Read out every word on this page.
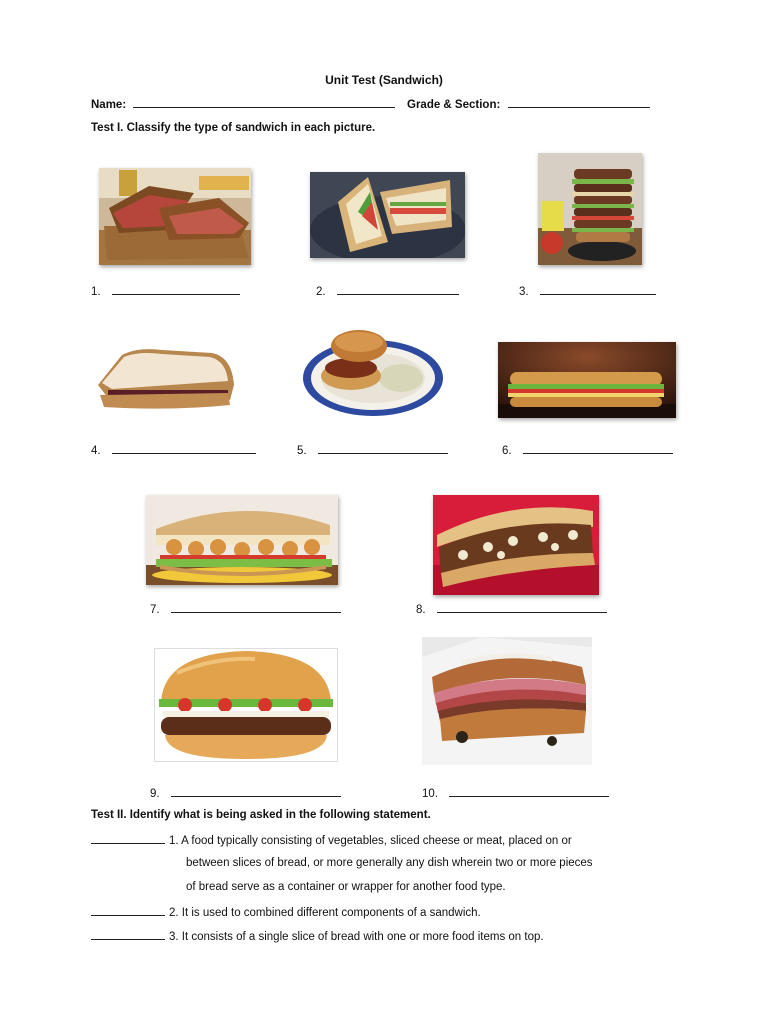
Unit Test (Sandwich)
Name:	Grade & Section:
Test I. Classify the type of sandwich in each picture.
1.	2.	3.
4.	5.	6.
7.	8.
9.	10.
Test II. Identify what is being asked in the following statement.
1. A food typically consisting of vegetables, sliced cheese or meat, placed on or
between slices of bread, or more generally any dish wherein two or more pieces
of bread serve as a container or wrapper for another food type.
2. It is used to combined different components of a sandwich.
3. It consists of a single slice of bread with one or more food items on top.
